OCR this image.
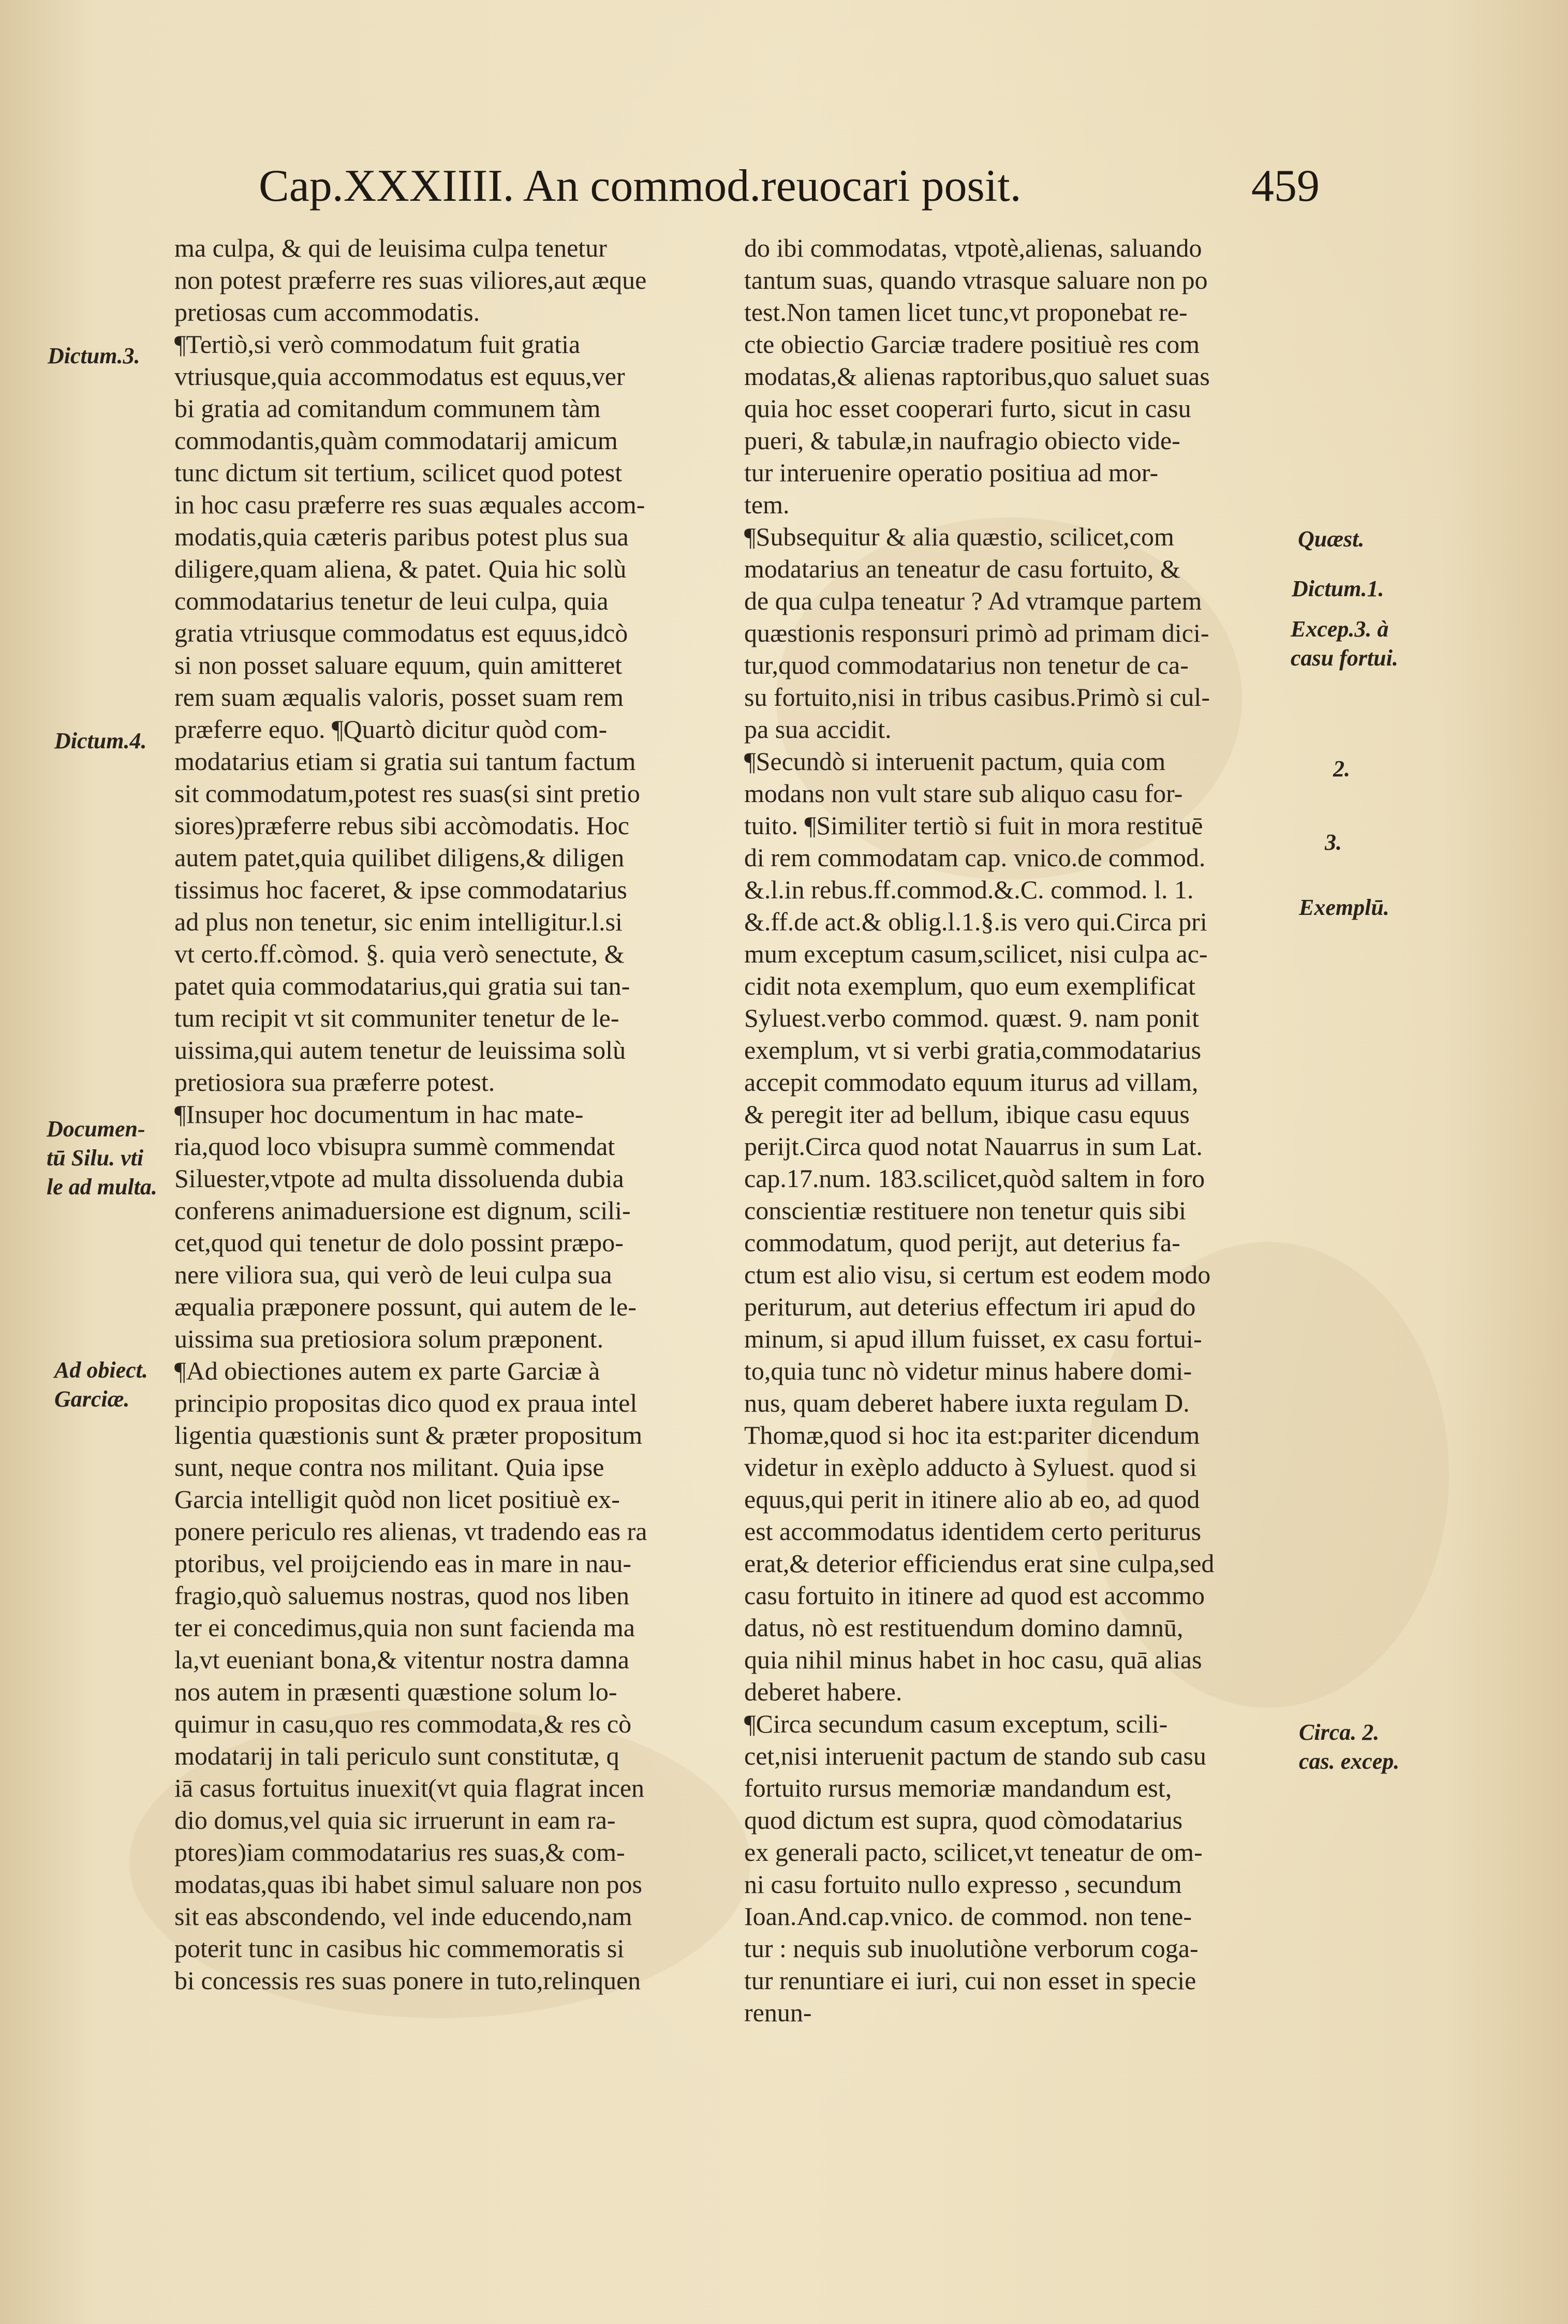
Cap.XXXIIII. An commod.reuocari posit.	459
ma culpa, & qui de leuisima culpa tenetur
non potest præferre res suas viliores,aut æque
pretiosas cum accommodatis.
¶Tertiò,si verò commodatum fuit gratia
vtriusque,quia accommodatus est equus,ver
bi gratia ad comitandum communem tàm
commodantis,quàm commodatarij amicum
tunc dictum sit tertium, scilicet quod potest
in hoc casu præferre res suas æquales accom-
modatis,quia cæteris paribus potest plus sua
diligere,quam aliena, & patet. Quia hic solù
commodatarius tenetur de leui culpa, quia
gratia vtriusque commodatus est equus,idcò
si non posset saluare equum, quin amitteret
rem suam æqualis valoris, posset suam rem
præferre equo. ¶Quartò dicitur quòd com-
modatarius etiam si gratia sui tantum factum
sit commodatum,potest res suas(si sint pretio
siores)præferre rebus sibi accòmodatis. Hoc
autem patet,quia quilibet diligens,& diligen
tissimus hoc faceret, & ipse commodatarius
ad plus non tenetur, sic enim intelligitur.l.si
vt certo.ff.còmod. §. quia verò senectute, &
patet quia commodatarius,qui gratia sui tan-
tum recipit vt sit communiter tenetur de le-
uissima,qui autem tenetur de leuissima solù
pretiosiora sua præferre potest.
¶Insuper hoc documentum in hac mate-
ria,quod loco vbisupra summè commendat
Siluester,vtpote ad multa dissoluenda dubia
conferens animaduersione est dignum, scili-
cet,quod qui tenetur de dolo possint præpo-
nere viliora sua, qui verò de leui culpa sua
æqualia præponere possunt, qui autem de le-
uissima sua pretiosiora solum præponent.
¶Ad obiectiones autem ex parte Garciæ à
principio propositas dico quod ex praua intel
ligentia quæstionis sunt & præter propositum
sunt, neque contra nos militant. Quia ipse
Garcia intelligit quòd non licet positiuè ex-
ponere periculo res alienas, vt tradendo eas ra
ptoribus, vel proijciendo eas in mare in nau-
fragio,quò saluemus nostras, quod nos liben
ter ei concedimus,quia non sunt facienda ma
la,vt eueniant bona,& vitentur nostra damna
nos autem in præsenti quæstione solum lo-
quimur in casu,quo res commodata,& res cò
modatarij in tali periculo sunt constitutæ, q
iā casus fortuitus inuexit(vt quia flagrat incen
dio domus,vel quia sic irruerunt in eam ra-
ptores)iam commodatarius res suas,& com-
modatas,quas ibi habet simul saluare non pos
sit eas abscondendo, vel inde educendo,nam
poterit tunc in casibus hic commemoratis si
bi concessis res suas ponere in tuto,relinquen
do ibi commodatas, vtpotè,alienas, saluando
tantum suas, quando vtrasque saluare non po
test.Non tamen licet tunc,vt proponebat re-
cte obiectio Garciæ tradere positiuè res com
modatas,& alienas raptoribus,quo saluet suas
quia hoc esset cooperari furto, sicut in casu
pueri, & tabulæ,in naufragio obiecto vide-
tur interuenire operatio positiua ad mor-
tem.
¶Subsequitur & alia quæstio, scilicet,com
modatarius an teneatur de casu fortuito, &
de qua culpa teneatur ? Ad vtramque partem
quæstionis responsuri primò ad primam dici-
tur,quod commodatarius non tenetur de ca-
su fortuito,nisi in tribus casibus.Primò si cul-
pa sua accidit.
¶Secundò si interuenit pactum, quia com
modans non vult stare sub aliquo casu for-
tuito. ¶Similiter tertiò si fuit in mora restituē
di rem commodatam cap. vnico.de commod.
&.l.in rebus.ff.commod.&.C. commod. l. 1.
&.ff.de act.& oblig.l.1.§.is vero qui.Circa pri
mum exceptum casum,scilicet, nisi culpa ac-
cidit nota exemplum, quo eum exemplificat
Syluest.verbo commod. quæst. 9. nam ponit
exemplum, vt si verbi gratia,commodatarius
accepit commodato equum iturus ad villam,
& peregit iter ad bellum, ibique casu equus
perijt.Circa quod notat Nauarrus in sum Lat.
cap.17.num. 183.scilicet,quòd saltem in foro
conscientiæ restituere non tenetur quis sibi
commodatum, quod perijt, aut deterius fa-
ctum est alio visu, si certum est eodem modo
periturum, aut deterius effectum iri apud do
minum, si apud illum fuisset, ex casu fortui-
to,quia tunc nò videtur minus habere domi-
nus, quam deberet habere iuxta regulam D.
Thomæ,quod si hoc ita est:pariter dicendum
videtur in exèplo adducto à Syluest. quod si
equus,qui perit in itinere alio ab eo, ad quod
est accommodatus identidem certo periturus
erat,& deterior efficiendus erat sine culpa,sed
casu fortuito in itinere ad quod est accommo
datus, nò est restituendum domino damnū,
quia nihil minus habet in hoc casu, quā alias
deberet habere.
¶Circa secundum casum exceptum, scili-
cet,nisi interuenit pactum de stando sub casu
fortuito rursus memoriæ mandandum est,
quod dictum est supra, quod còmodatarius
ex generali pacto, scilicet,vt teneatur de om-
ni casu fortuito nullo expresso , secundum
Ioan.And.cap.vnico. de commod. non tene-
tur : nequis sub inuolutiòne verborum coga-
tur renuntiare ei iuri, cui non esset in specie
renun-
Dictum.3.
Dictum.4.
Documen-
tū Silu. vti
le ad multa.
Ad obiect.
Garciæ.
Quæst.
Dictum.1.
Excep.3. à
casu fortui.
2.
3.
Exemplū.
Circa. 2.
cas. excep.
